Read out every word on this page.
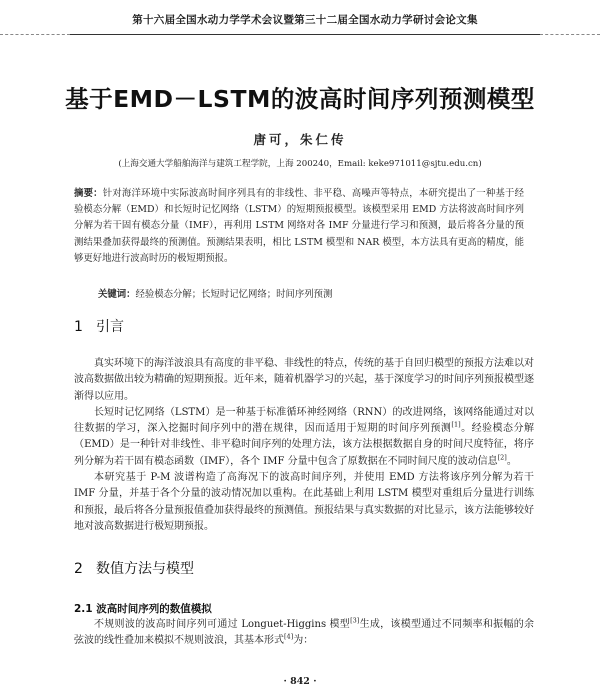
第十六届全国水动力学学术会议暨第三十二届全国水动力学研讨会论文集
基于EMD－LSTM的波高时间序列预测模型
唐可，朱仁传
(上海交通大学船舶海洋与建筑工程学院，上海 200240，Email: keke971011@sjtu.edu.cn)
摘要：针对海洋环境中实际波高时间序列具有的非线性、非平稳、高噪声等特点，本研究提出了一种基于经验模态分解（EMD）和长短时记忆网络（LSTM）的短期预报模型。该模型采用 EMD 方法将波高时间序列分解为若干固有模态分量（IMF），再利用 LSTM 网络对各 IMF 分量进行学习和预测，最后将各分量的预测结果叠加获得最终的预测值。预测结果表明，相比 LSTM 模型和 NAR 模型，本方法具有更高的精度，能够更好地进行波高时历的极短期预报。
关键词：经验模态分解；长短时记忆网络；时间序列预测
1 引言

真实环境下的海洋波浪具有高度的非平稳、非线性的特点，传统的基于自回归模型的预报方法难以对波高数据做出较为精确的短期预报。近年来，随着机器学习的兴起，基于深度学习的时间序列预报模型逐渐得以应用。

长短时记忆网络（LSTM）是一种基于标准循环神经网络（RNN）的改进网络，该网络能通过对以往数据的学习，深入挖掘时间序列中的潜在规律，因而适用于短期的时间序列预测[1]。经验模态分解（EMD）是一种针对非线性、非平稳时间序列的处理方法，该方法根据数据自身的时间尺度特征，将序列分解为若干固有模态函数（IMF），各个 IMF 分量中包含了原数据在不同时间尺度的波动信息[2]。

本研究基于 P-M 波谱构造了高海况下的波高时间序列，并使用 EMD 方法将该序列分解为若干 IMF 分量，并基于各个分量的波动情况加以重构。在此基础上利用 LSTM 模型对重组后分量进行训练和预报，最后将各分量预报值叠加获得最终的预测值。预报结果与真实数据的对比显示，该方法能够较好地对波高数据进行极短期预报。

2 数值方法与模型
2.1 波高时间序列的数值模拟

不规则波的波高时间序列可通过 Longuet-Higgins 模型[3]生成，该模型通过不同频率和振幅的余弦波的线性叠加来模拟不规则波浪，其基本形式[4]为：

· 842 ·
